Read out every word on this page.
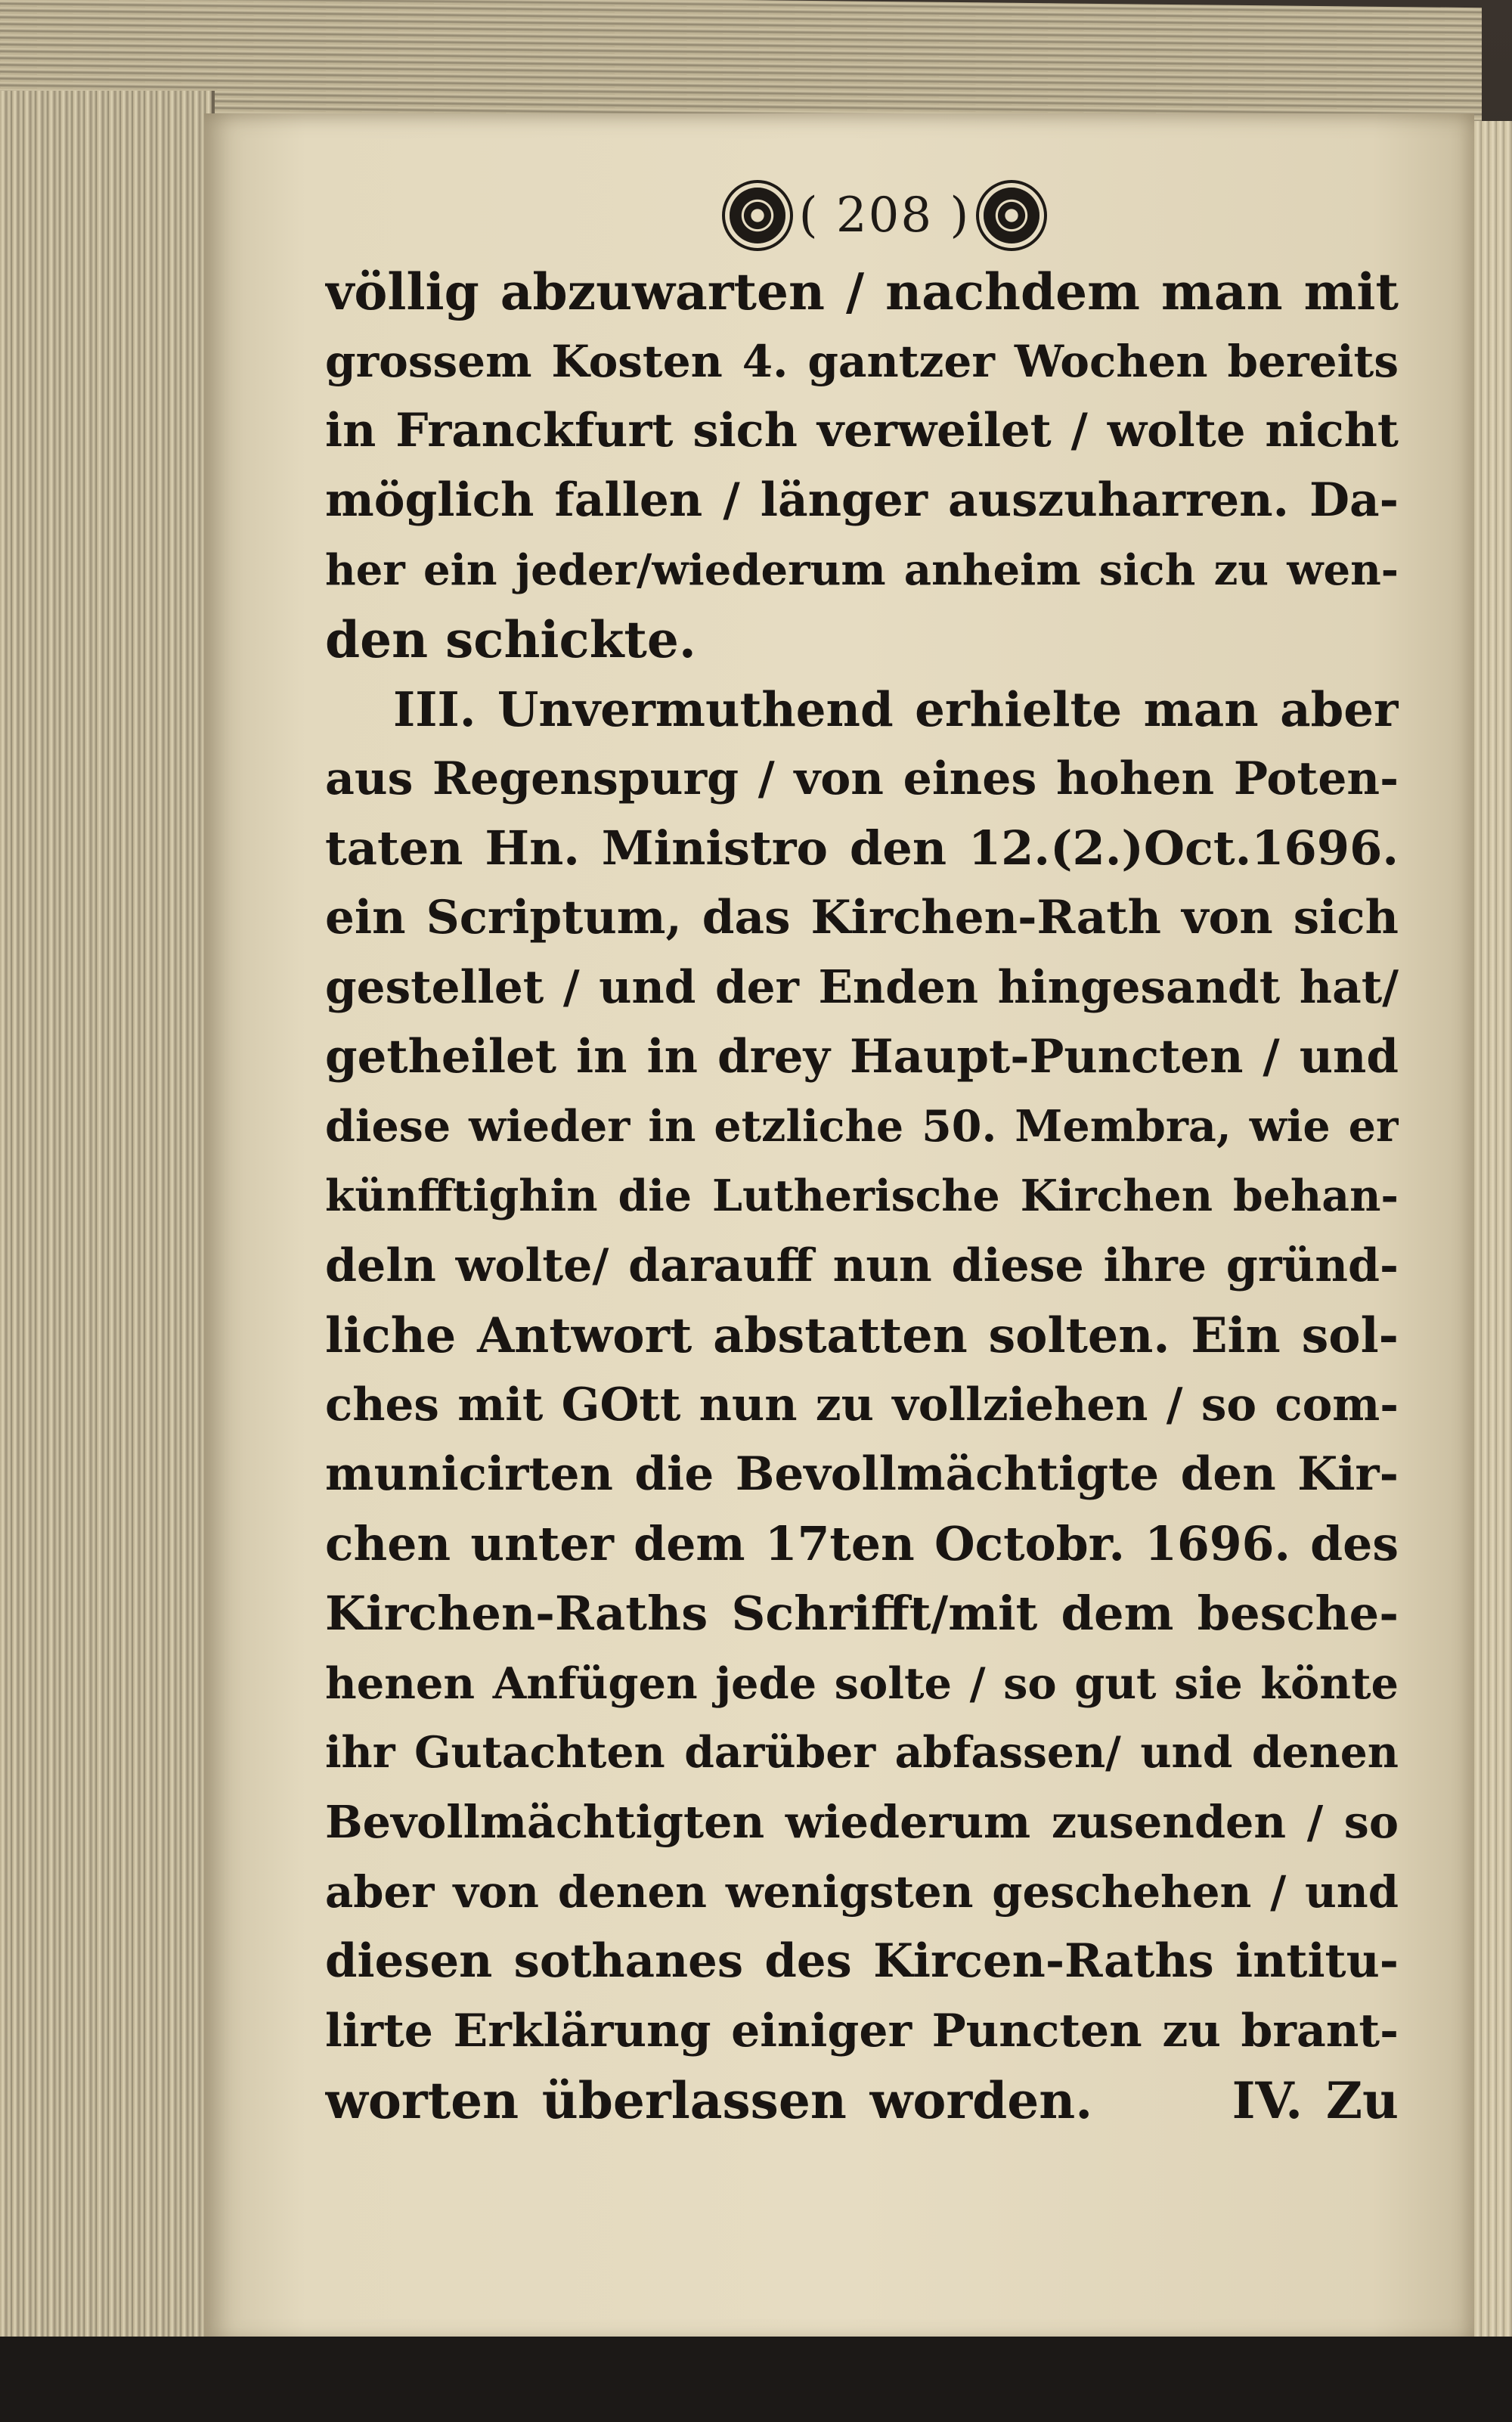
( 208 )
völlig abzuwarten / nachdem man mit
grossem Kosten 4. gantzer Wochen bereits
in Franckfurt sich verweilet / wolte nicht
möglich fallen / länger auszuharren. Da-
her ein jeder/wiederum anheim sich zu wen-
den schickte.
III. Unvermuthend erhielte man aber
aus Regenspurg / von eines hohen Poten-
taten Hn. Ministro den 12.(2.)Oct.1696.
ein Scriptum, das Kirchen-Rath von sich
gestellet / und der Enden hingesandt hat/
getheilet in in drey Haupt-Puncten / und
diese wieder in etzliche 50. Membra, wie er
künfftighin die Lutherische Kirchen behan-
deln wolte/ darauff nun diese ihre gründ-
liche Antwort abstatten solten. Ein sol-
ches mit GOtt nun zu vollziehen / so com-
municirten die Bevollmächtigte den Kir-
chen unter dem 17ten Octobr. 1696. des
Kirchen-Raths Schrifft/mit dem besche-
henen Anfügen jede solte / so gut sie könte
ihr Gutachten darüber abfassen/ und denen
Bevollmächtigten wiederum zusenden / so
aber von denen wenigsten geschehen / und
diesen sothanes des Kircen-Raths intitu-
lirte Erklärung einiger Puncten zu brant-
worten überlassen worden.      IV. Zu
